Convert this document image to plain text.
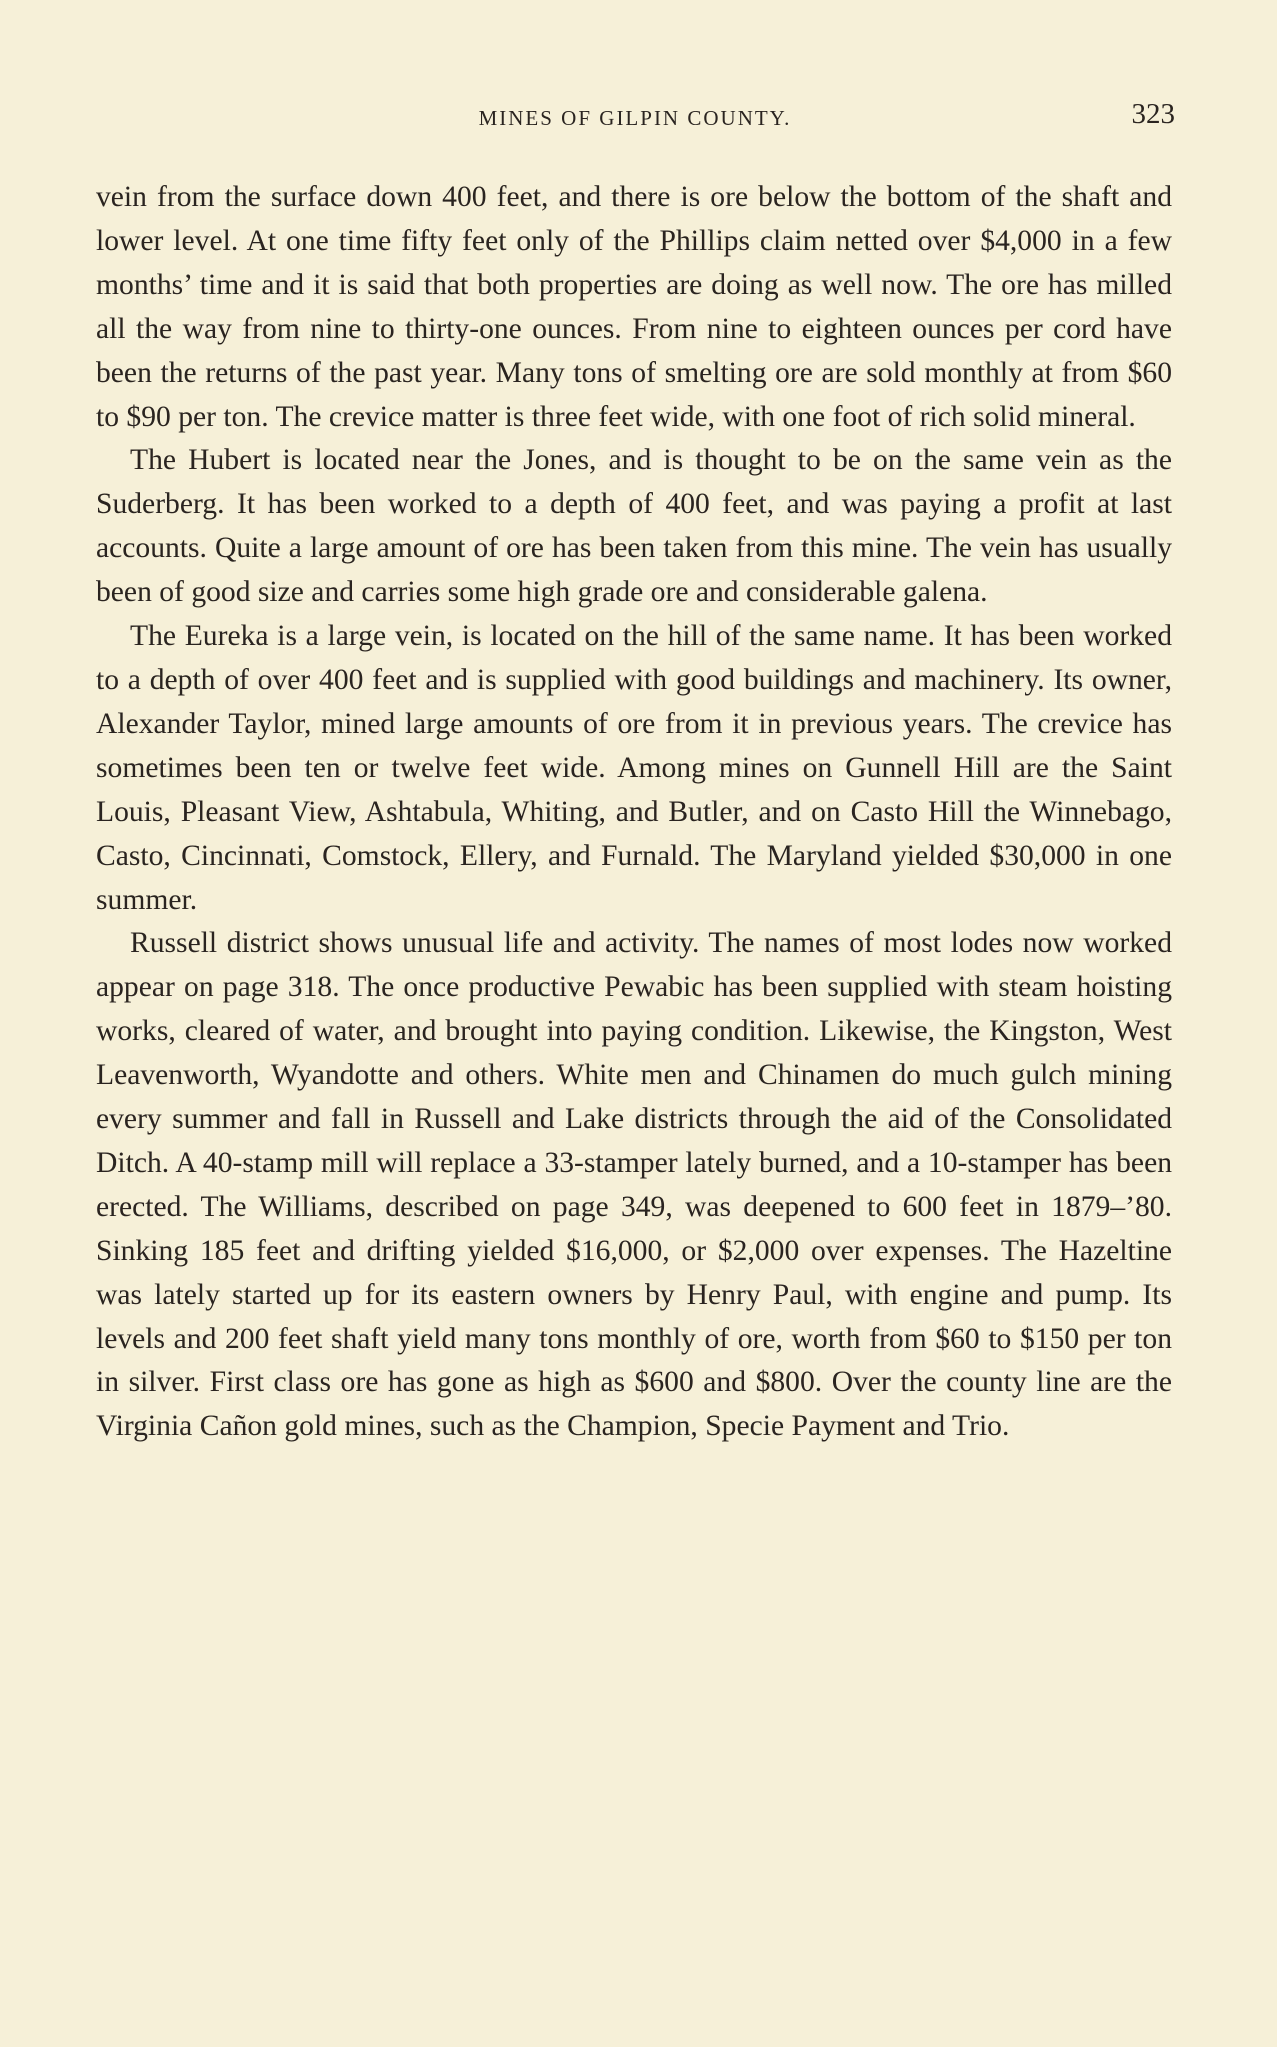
MINES OF GILPIN COUNTY.	323

vein from the surface down 400 feet, and there is ore below the bottom of the shaft and lower level. At one time fifty feet only of the Phillips claim netted over $4,000 in a few months’ time and it is said that both properties are doing as well now. The ore has milled all the way from nine to thirty-one ounces. From nine to eighteen ounces per cord have been the returns of the past year. Many tons of smelting ore are sold monthly at from $60 to $90 per ton. The crevice matter is three feet wide, with one foot of rich solid mineral.

The Hubert is located near the Jones, and is thought to be on the same vein as the Suderberg. It has been worked to a depth of 400 feet, and was paying a profit at last accounts. Quite a large amount of ore has been taken from this mine. The vein has usually been of good size and carries some high grade ore and considerable galena.

The Eureka is a large vein, is located on the hill of the same name. It has been worked to a depth of over 400 feet and is supplied with good buildings and machinery. Its owner, Alexander Taylor, mined large amounts of ore from it in previous years. The crevice has sometimes been ten or twelve feet wide. Among mines on Gunnell Hill are the Saint Louis, Pleasant View, Ashtabula, Whiting, and Butler, and on Casto Hill the Winnebago, Casto, Cincinnati, Comstock, Ellery, and Furnald. The Maryland yielded $30,000 in one summer.

Russell district shows unusual life and activity. The names of most lodes now worked appear on page 318. The once productive Pewabic has been supplied with steam hoisting works, cleared of water, and brought into paying condition. Likewise, the Kingston, West Leavenworth, Wyandotte and others. White men and Chinamen do much gulch mining every summer and fall in Russell and Lake districts through the aid of the Consolidated Ditch. A 40-stamp mill will replace a 33-stamper lately burned, and a 10-stamper has been erected. The Williams, described on page 349, was deepened to 600 feet in 1879–’80. Sinking 185 feet and drifting yielded $16,000, or $2,000 over expenses. The Hazeltine was lately started up for its eastern owners by Henry Paul, with engine and pump. Its levels and 200 feet shaft yield many tons monthly of ore, worth from $60 to $150 per ton in silver. First class ore has gone as high as $600 and $800. Over the county line are the Virginia Cañon gold mines, such as the Champion, Specie Payment and Trio.
